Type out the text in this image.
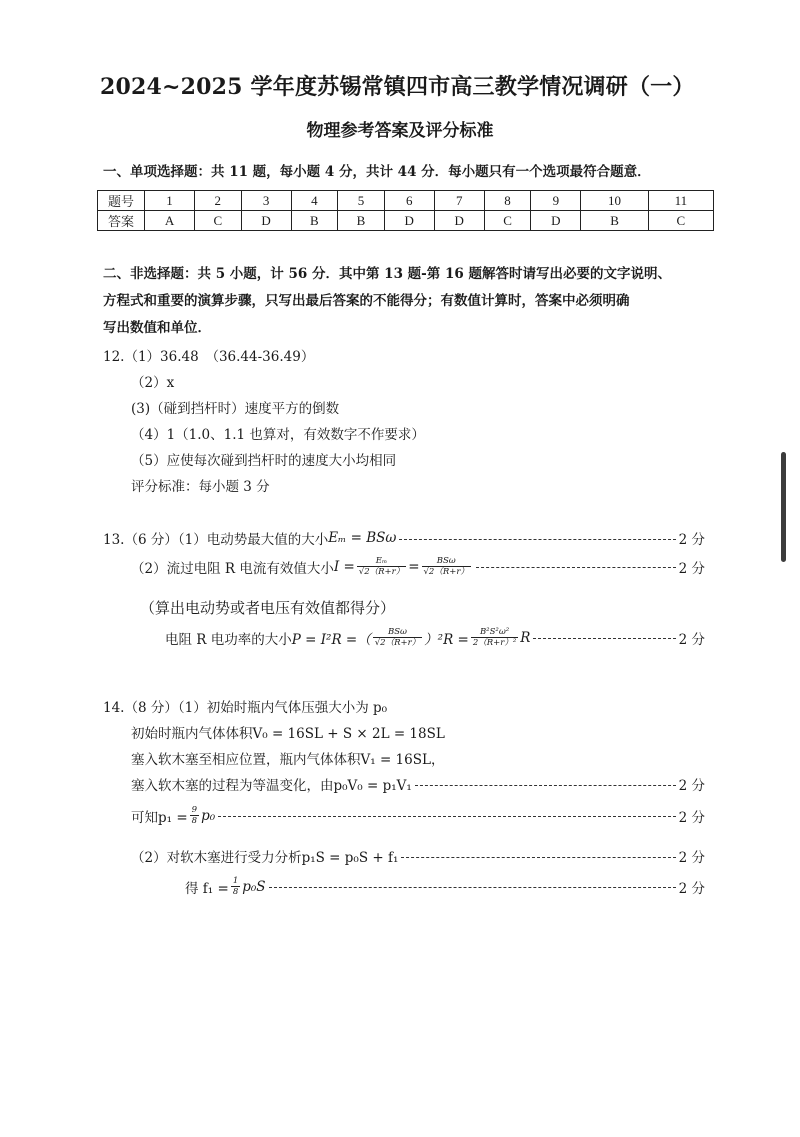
2024~2025 学年度苏锡常镇四市高三教学情况调研（一）
物理参考答案及评分标准
一、单项选择题：共 11 题，每小题 4 分，共计 44 分．每小题只有一个选项最符合题意．
题号	1	2	3	4	5	6	7	8	9	10	11
答案	A	C	D	B	B	D	D	C	D	B	C
二、非选择题：共 5 小题，计 56 分．其中第 13 题-第 16 题解答时请写出必要的文字说明、
方程式和重要的演算步骤，只写出最后答案的不能得分；有数值计算时，答案中必须明确
写出数值和单位．
12.（1）36.48　（36.44-36.49）
（2）x
(3)（碰到挡杆时）速度平方的倒数
（4）1（1.0、1.1 也算对，有效数字不作要求）
（5）应使每次碰到挡杆时的速度大小均相同
评分标准：每小题 3 分
13.（6 分）（1）电动势最大值的大小 Eₘ = BSω	2 分
（2）流过电阻 R 电流有效值大小 $I = \frac{\text{Eₘ}}{√2(R+r)} = \frac{\text{BSω}}{√2(R+r)}$	2 分
（算出电动势或者电压有效值都得分）
电阻 R 电功率的大小 P = I²R =（ $\frac{\text{BSω}}{√2(R+r)} )^2R = \frac{\text{B²S²ω²}}{\text{2（R+r）²}}$ R	2 分
14.（8 分）（1）初始时瓶内气体压强大小为 p₀
初始时瓶内气体体积V₀ = 16SL + S × 2L = 18SL
塞入软木塞至相应位置，瓶内气体体积V₁ = 16SL，
塞入软木塞的过程为等温变化，由p₀V₀ = p₁V₁	2 分
可知$p_1 = \frac{9}{8} p_0$	2 分
（2）对软木塞进行受力分析p₁S = p₀S + f₁	2 分
得 $f_1 = \frac{1}{8} p_0S$	2 分
